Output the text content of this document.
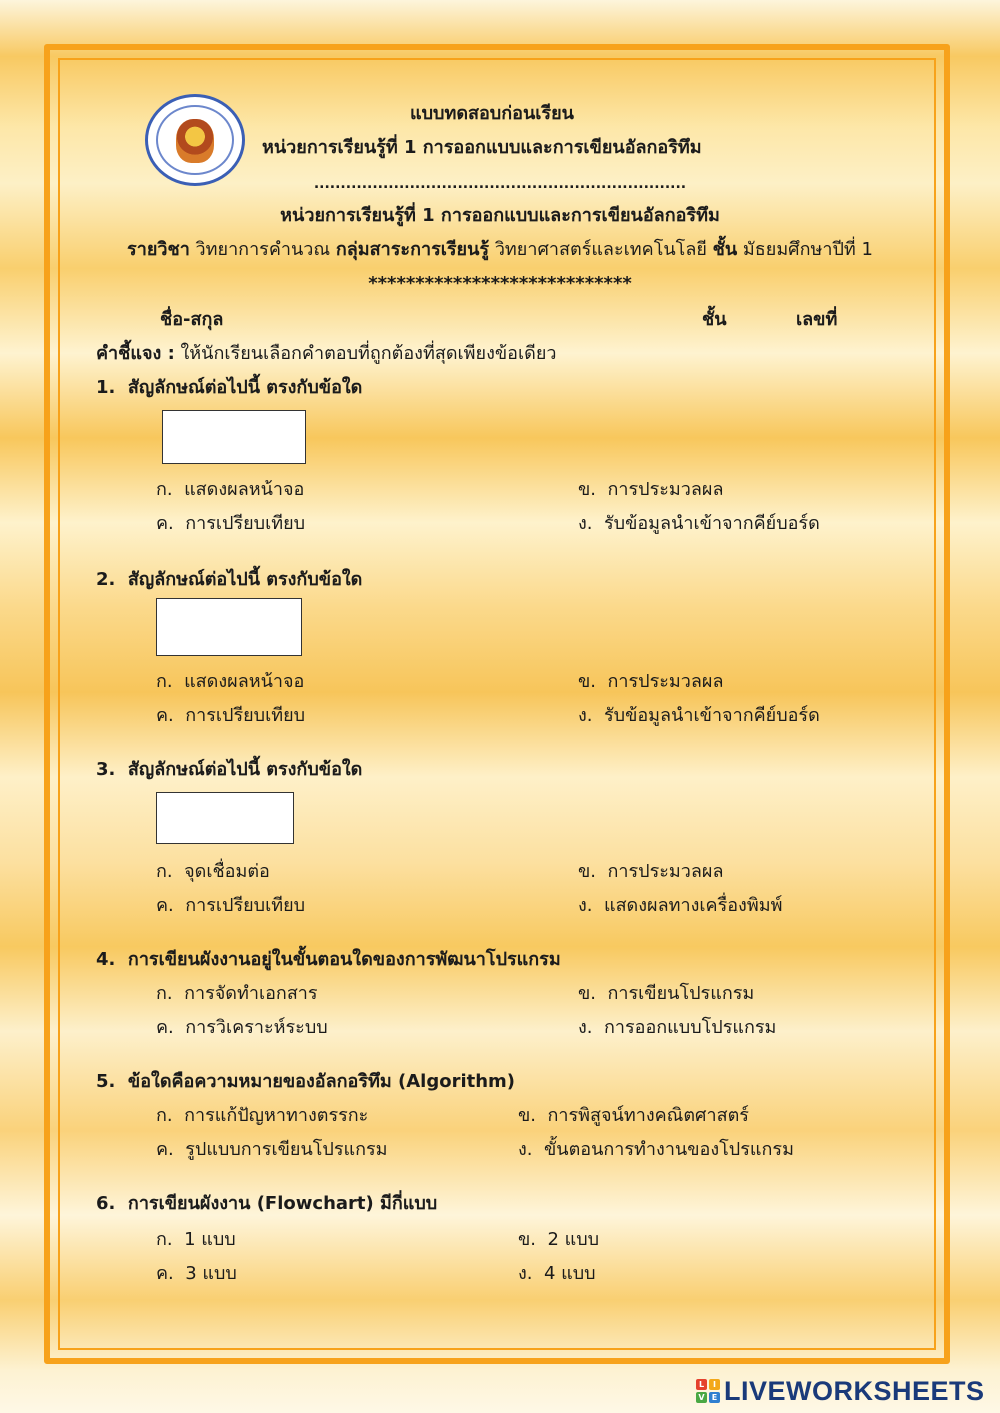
แบบทดสอบก่อนเรียน
หน่วยการเรียนรู้ที่ 1 การออกแบบและการเขียนอัลกอริทึม
......................................................................
หน่วยการเรียนรู้ที่ 1 การออกแบบและการเขียนอัลกอริทึม
รายวิชา วิทยาการคำนวณ กลุ่มสาระการเรียนรู้ วิทยาศาสตร์และเทคโนโลยี ชั้น มัธยมศึกษาปีที่ 1
****************************
ชื่อ-สกุล	ชั้น	เลขที่
คำชี้แจง : ให้นักเรียนเลือกคำตอบที่ถูกต้องที่สุดเพียงข้อเดียว
1. สัญลักษณ์ต่อไปนี้ ตรงกับข้อใด
ก. แสดงผลหน้าจอ	ข. การประมวลผล
ค. การเปรียบเทียบ	ง. รับข้อมูลนำเข้าจากคีย์บอร์ด
2. สัญลักษณ์ต่อไปนี้ ตรงกับข้อใด
ก. แสดงผลหน้าจอ	ข. การประมวลผล
ค. การเปรียบเทียบ	ง. รับข้อมูลนำเข้าจากคีย์บอร์ด
3. สัญลักษณ์ต่อไปนี้ ตรงกับข้อใด
ก. จุดเชื่อมต่อ	ข. การประมวลผล
ค. การเปรียบเทียบ	ง. แสดงผลทางเครื่องพิมพ์
4. การเขียนผังงานอยู่ในขั้นตอนใดของการพัฒนาโปรแกรม
ก. การจัดทำเอกสาร	ข. การเขียนโปรแกรม
ค. การวิเคราะห์ระบบ	ง. การออกแบบโปรแกรม
5. ข้อใดคือความหมายของอัลกอริทึม (Algorithm)
ก. การแก้ปัญหาทางตรรกะ	ข. การพิสูจน์ทางคณิตศาสตร์
ค. รูปแบบการเขียนโปรแกรม	ง. ขั้นตอนการทำงานของโปรแกรม
6. การเขียนผังงาน (Flowchart) มีกี่แบบ
ก. 1 แบบ	ข. 2 แบบ
ค. 3 แบบ	ง. 4 แบบ
L	I
V E LIVEWORKSHEETS
